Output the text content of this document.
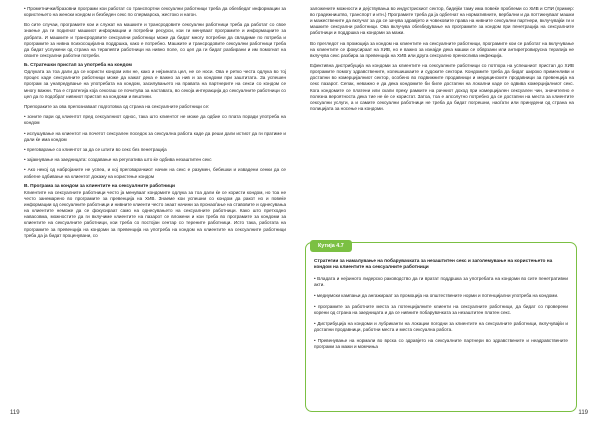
• Прометнички/бразовни програми кои работат со транспортни сексуални работници треба да обезбедат информации за користењето на женски кондом и безбеден секс по спермарска, жестоко и нагон.

Во сите случаи, програмите кои и служат на машките и трансродовите сексуални работници треба да работат со свое знаење да ги подигнат машкиот информации и потребни ресурси, кои ги менуваат програмите и информациите за добрата. И машките и трансродовите сексуални работници може да бидат многу потребни да свладиме по потреба и програмите за нивна психосоцијална поддршка, како е потребно. Машките и трансродовите сексуални работници треба да бидат услужени од страна на терапевти работници на нивно поле, со цел да ги бидат разбирани и им помогнат на своите сексуални работни потреби.

Б. Стратешки пристап за употреба на кондом

Одлуката за тоа дали да се користи кондом или не, како и нејзината цел, не се носи. Ова е ретко честа одлука во тој процес каде сексуалните работници може да кажат дека е важно за нив и за кондоми при заштитата. За успешен програм за унапредување на употребата на кондом, засилувањето на правата на партнерите на секси со кондом се многу важни. Тоа е стратегија која секогаш се почитува за наставата, во секоја интеракција до сексуалните работници со цел да го подобрат нивниот пристап на кондоми и вештини.

Препораките за ова препознаваат подготовка од страна на сексуалните работници се:

• зоните пари од клиентот пред сексуалниот однос, така што клиентот не може да одбие со плата поради употреба на кондом

• ислушување на клиентот на почетот сексуален поседок за сексуална работа каде да реши дали истиот да ги пратиме и дали ќе има кондом

• преговарање со клиентот за да се штити во секс без пенетрација

• зајакнување на заедницата: создавање на регулатива што ќе одбива незаштитен секс

• Ако некој од набројаните не успеа, и кој преговарачкиот начин на секс е разумен, бебешки и извадени сенки да се избегне одбивање на клиентот докажу на користење кондом

В. Програма за кондом за клиентите на сексуалните работници

Клиентите на сексуалните работници често ја менуваат кондомите одлука за тоа дали ќе се користи кондом, но тоа не често занемарено во програмите за превенција на ХИВ. Знаеме кои успешни со кондом да ракот но и повеќе информации од сексуалните работници и нивните клиенти често знаат начини за пронаоѓање на ставовите и однесувања на клиентите неможе да се фокусираат само на однесувањето на сексуалните работници. Како што претходно навасовма, можностите да ги вклучиме клиентите на пазарот се вложени и кои треба во програмите за кондоми за клиентите на сексуалните работници, кои треба со постојан сентар со терените работници. Исто така, работата на програмите за превенција на кондоми за превенција на употреба на кондом на клиентите на сексуалните работници треба да ја бидат проценувани, со

заложените можности и дејствувања во индустрискиот сектор, бидејќи таму има повеќе проблеми со ХИВ и СПИ (пример: во градежништво, транспорт и итн.) Програмите треба да ја одбегнат на нормативните, вербални и да поттикнуваат машки и мажествените да вклучат за да се зачува здравјето и човековите права на нивните сексуални партнери, вклучувајќи ги и машките сексуални работници. Ова вклучува обезбедување на програмите за кондом при пенетрација на сексуалните работници и поддршка на кондоми за мажи.

Во прегледот на промоција за кондом на клиентите на сексуалните работници, програмите кои се работат на вклучување на клиентите се фокусираат на ХИВ, но е важно за изнајде дека машки се обврзани или антиретровирусна терапија не вклучува секс разбира за превенција на ХИВ или друга сексуално пренослива инфекција.

Ефективна дистрибуција на кондоми за клиентите на сексуалните работници со потпора на успешниот пристап до ХИВ програмите помогу здравствените, колешишкаите и судските сектори. Кондомите треба да бидат широко применливи и достапни во комерцијалниот сектор, особено во подвижните продавници и медицинските продавници за превенција на секс пазарот. Сепак, неважно е да дека кондомите би биле достапни на локални каде се одвива комерцијалниот секс. Кога кондомите се платени или скапи преку рамките на рачниот доход при комерцијален сексуален чин, значително е полезна вероятноста дека тие не ќе се користат. Затоа, тоа е апсолутно потребно да се достапни на места за клиентите сексуални услуги, а и самите сексуални работници не треба да бидат погрешни, наоѓати или принудени од страна на полицијата за носење на кондоми.

Кутија 4.7
Стратегии за намалување на побарувачката за незаштитен секс и заголемување на користењето на кондом на клиентите на сексуалните работници

• Владата и нејзиното лидерско раководство да ги вратат поддршка за употребата на кондоми во сите пенетративни акти.

• медиумски кампањи да ангажираат за промоција на општествените норми и потенцијални употреба на кондоми.

• програмите за работните места за потенцијалните клиенти на сексуалните работници, да бидат со проверени корени од страна на заедницата и да се нивните побарувачката за незаштитен платен секс.

• Дистрибуција на кондоми и лубриканти на локации погодни за клиентите на сексуалните работници, вклучувајќи и достапни продавници, работни места и места сексуална работа.

• Превенување на нормали во врска со здравјето на сексуалните партнери во здравствените и неадравствените програми за мажи и момчиња

119	119
